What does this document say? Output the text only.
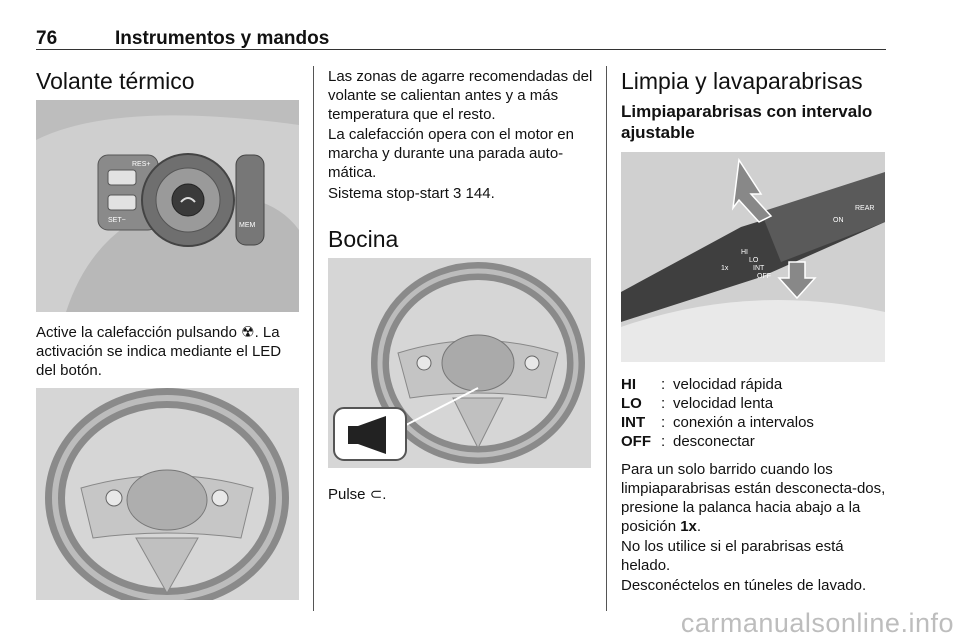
76	Instrumentos y mandos
Volante térmico
RES+
SET−
MEM
Active la calefacción pulsando ☢. La activación se indica mediante el LED del botón.
Las zonas de agarre recomendadas del volante se calientan antes y a más temperatura que el resto.
La calefacción opera con el motor en marcha y durante una parada auto-mática.
Sistema stop-start 3 144.
Bocina
Pulse ⊂.
Limpia y lavaparabrisas
Limpiaparabrisas con intervalo ajustable
HI
LO
INT
OFF
1x
ON
REAR
HI	: velocidad rápida
LO	: velocidad lenta
INT	: conexión a intervalos
OFF : desconectar
Para un solo barrido cuando los limpiaparabrisas están desconecta-dos, presione la palanca hacia abajo a la posición 1x.
No los utilice si el parabrisas está helado.
Desconéctelos en túneles de lavado.
carmanualsonline.info
